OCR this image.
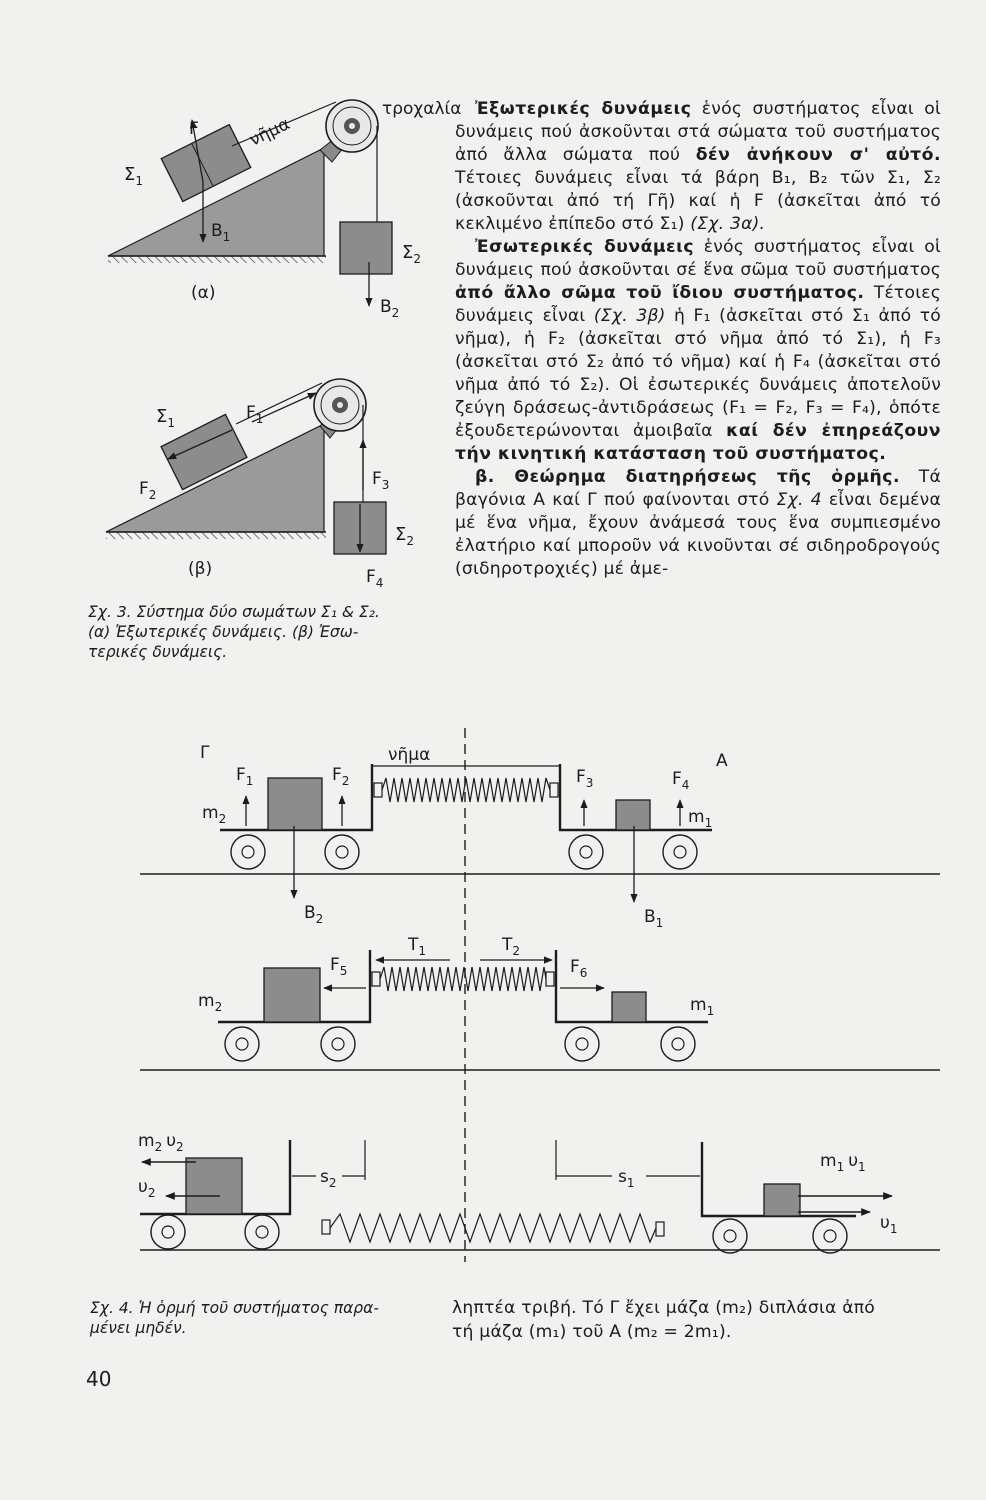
τροχαλία
νῆμα
F
$\Sigma_1$
$B_1$
$\Sigma_2$
$B_2$
(α)
$\Sigma_1$	$F_1$
$F_2$
$F_3$
$\Sigma_2$
$F_4$
(β)
Σχ. 3. Σύστημα δύο σωμάτων Σ₁ & Σ₂.
(α) Ἐξωτερικές δυνάμεις. (β) Ἐσω-
τερικές δυνάμεις.

Ἐξωτερικές δυνάμεις ἑνός συστήματος εἶναι οἱ δυνάμεις πού ἀσκοῦνται στά σώματα τοῦ συστήματος ἀπό ἄλλα σώματα πού δέν ἀνήκουν σ' αὐτό. Τέτοιες δυνάμεις εἶναι τά βάρη Β₁, Β₂ τῶν Σ₁, Σ₂ (ἀσκοῦνται ἀπό τή Γῆ) καί ἡ F (ἀσκεῖται ἀπό τό κεκλιμένο ἐπίπεδο στό Σ₁) (Σχ. 3α).

Ἐσωτερικές δυνάμεις ἑνός συστήματος εἶναι οἱ δυνάμεις πού ἀσκοῦνται σέ ἕνα σῶμα τοῦ συστήματος ἀπό ἄλλο σῶμα τοῦ ἴδιου συστήματος. Τέτοιες δυνάμεις εἶναι (Σχ. 3β) ἡ F₁ (ἀσκεῖται στό Σ₁ ἀπό τό νῆμα), ἡ F₂ (ἀσκεῖται στό νῆμα ἀπό τό Σ₁), ἡ F₃ (ἀσκεῖται στό Σ₂ ἀπό τό νῆμα) καί ἡ F₄ (ἀσκεῖται στό νῆμα ἀπό τό Σ₂). Οἱ ἐσωτερικές δυνάμεις ἀποτελοῦν ζεύγη δράσεως-ἀντιδράσεως (F₁ = F₂, F₃ = F₄), ὁπότε ἐξουδετερώνονται ἀμοιβαῖα καί δέν ἐπηρεάζουν τήν κινητική κατάσταση τοῦ συστήματος.

β. Θεώρημα διατηρήσεως τῆς ὁρμῆς. Τά βαγόνια Α καί Γ πού φαίνονται στό Σχ. 4 εἶναι δεμένα μέ ἕνα νῆμα, ἔχουν ἀνάμεσά τους ἕνα συμπιεσμένο ἐλατήριο καί μποροῦν νά κινοῦνται σέ σιδηροδρογούς (σιδηροτροχιές) μέ ἀμε-

Γ	Α
νῆμα
$F_1$	$F_2$	$F_3$	$F_4$
$m_2$	$m_1$
$B_2$	$B_1$
$T_1$	$T_2$
$F_5$	$F_6$
$m_2$	$m_1$
$m_2$ $\upsilon_2$
$\upsilon_2$
$s_2$	$s_1$
$m_1$ $\upsilon_1$
$\upsilon_1$
Σχ. 4. Ἡ ὁρμή τοῦ συστήματος παρα-
μένει μηδέν.
ληπτέα τριβή. Τό Γ ἔχει μάζα (m₂) διπλάσια ἀπό
τή μάζα (m₁) τοῦ Α (m₂ = 2m₁).
40
